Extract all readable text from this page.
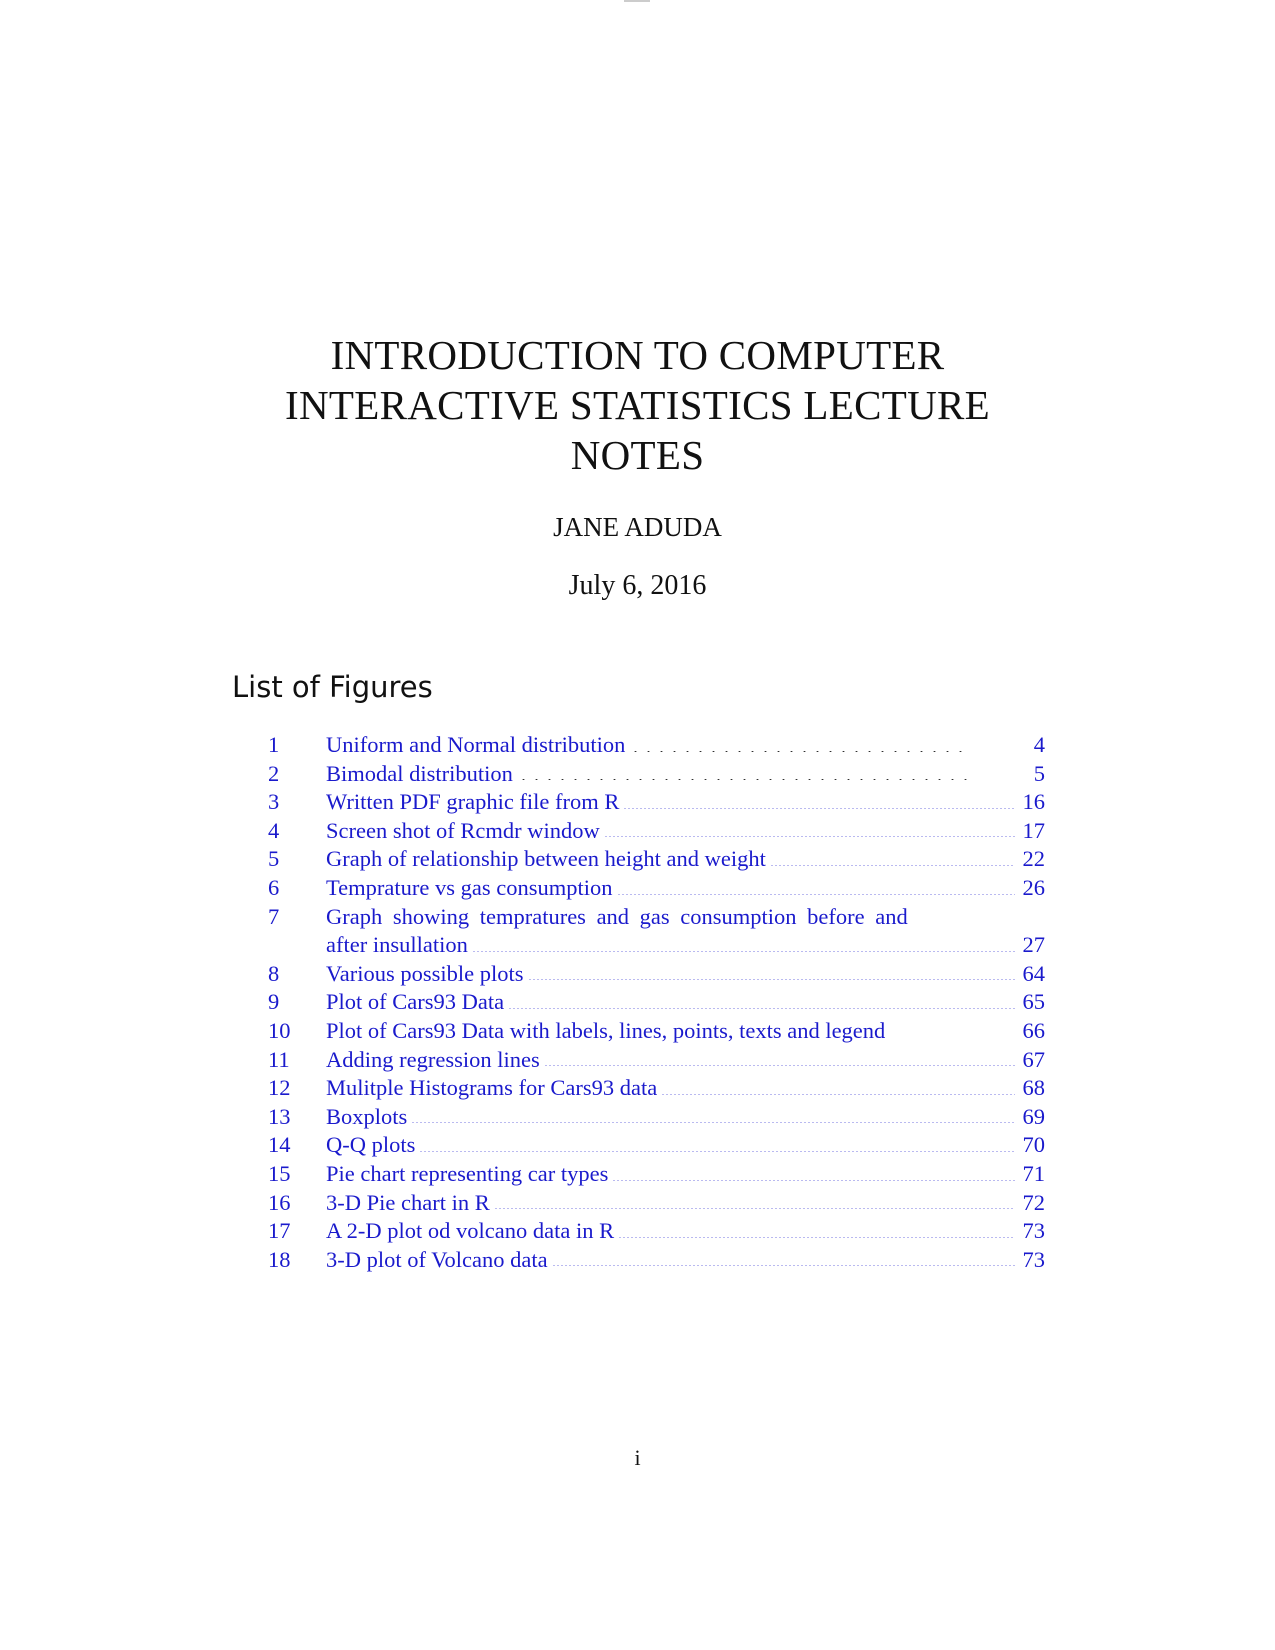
INTRODUCTION TO COMPUTER
INTERACTIVE STATISTICS LECTURE
NOTES
JANE ADUDA
July 6, 2016
List of Figures
1	Uniform and Normal distribution	4
2	Bimodal distribution	5
3	Written PDF graphic file from R	16
4	Screen shot of Rcmdr window	17
5	Graph of relationship between height and weight	22
6	Temprature vs gas consumption	26
7	Graph showing tempratures and gas consumption before and
after insullation	27
8	Various possible plots	64
9	Plot of Cars93 Data	65
10	Plot of Cars93 Data with labels, lines, points, texts and legend	66
11	Adding regression lines	67
12	Mulitple Histograms for Cars93 data	68
13	Boxplots	69
14	Q-Q plots	70
15	Pie chart representing car types	71
16	3-D Pie chart in R	72
17	A 2-D plot od volcano data in R	73
18	3-D plot of Volcano data	73
i
